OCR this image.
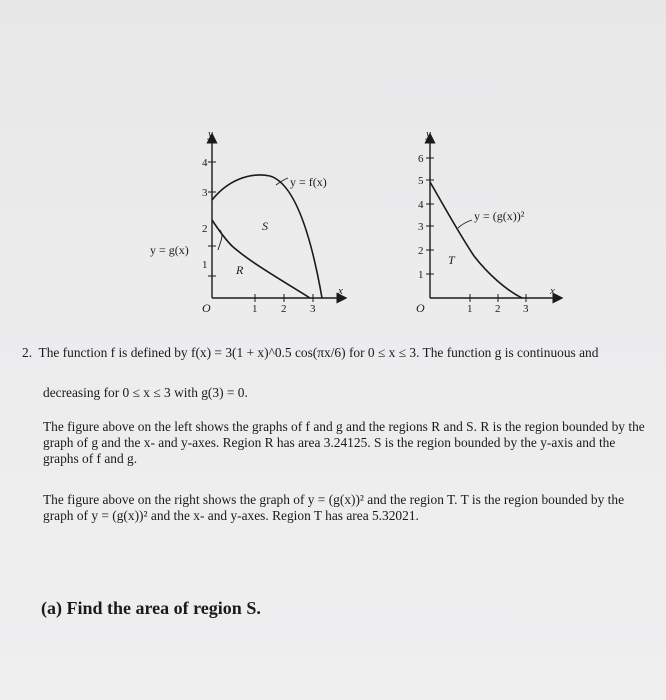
y
x
O
1
2
3
4
1 2 3
y = f(x)
y = g(x)
R
S
y
x
O
1
2
3
4
5
6
1 2 3
y = (g(x))²
T
2. The function f is defined by f(x) = 3(1 + x)^0.5 cos(πx/6) for 0 ≤ x ≤ 3. The function g is continuous and
decreasing for 0 ≤ x ≤ 3 with g(3) = 0.
The figure above on the left shows the graphs of f and g and the regions R and S. R is the region bounded by the graph of g and the x- and y-axes. Region R has area 3.24125. S is the region bounded by the y-axis and the graphs of f and g.
The figure above on the right shows the graph of y = (g(x))² and the region T. T is the region bounded by the graph of y = (g(x))² and the x- and y-axes. Region T has area 5.32021.
(a) Find the area of region S.
